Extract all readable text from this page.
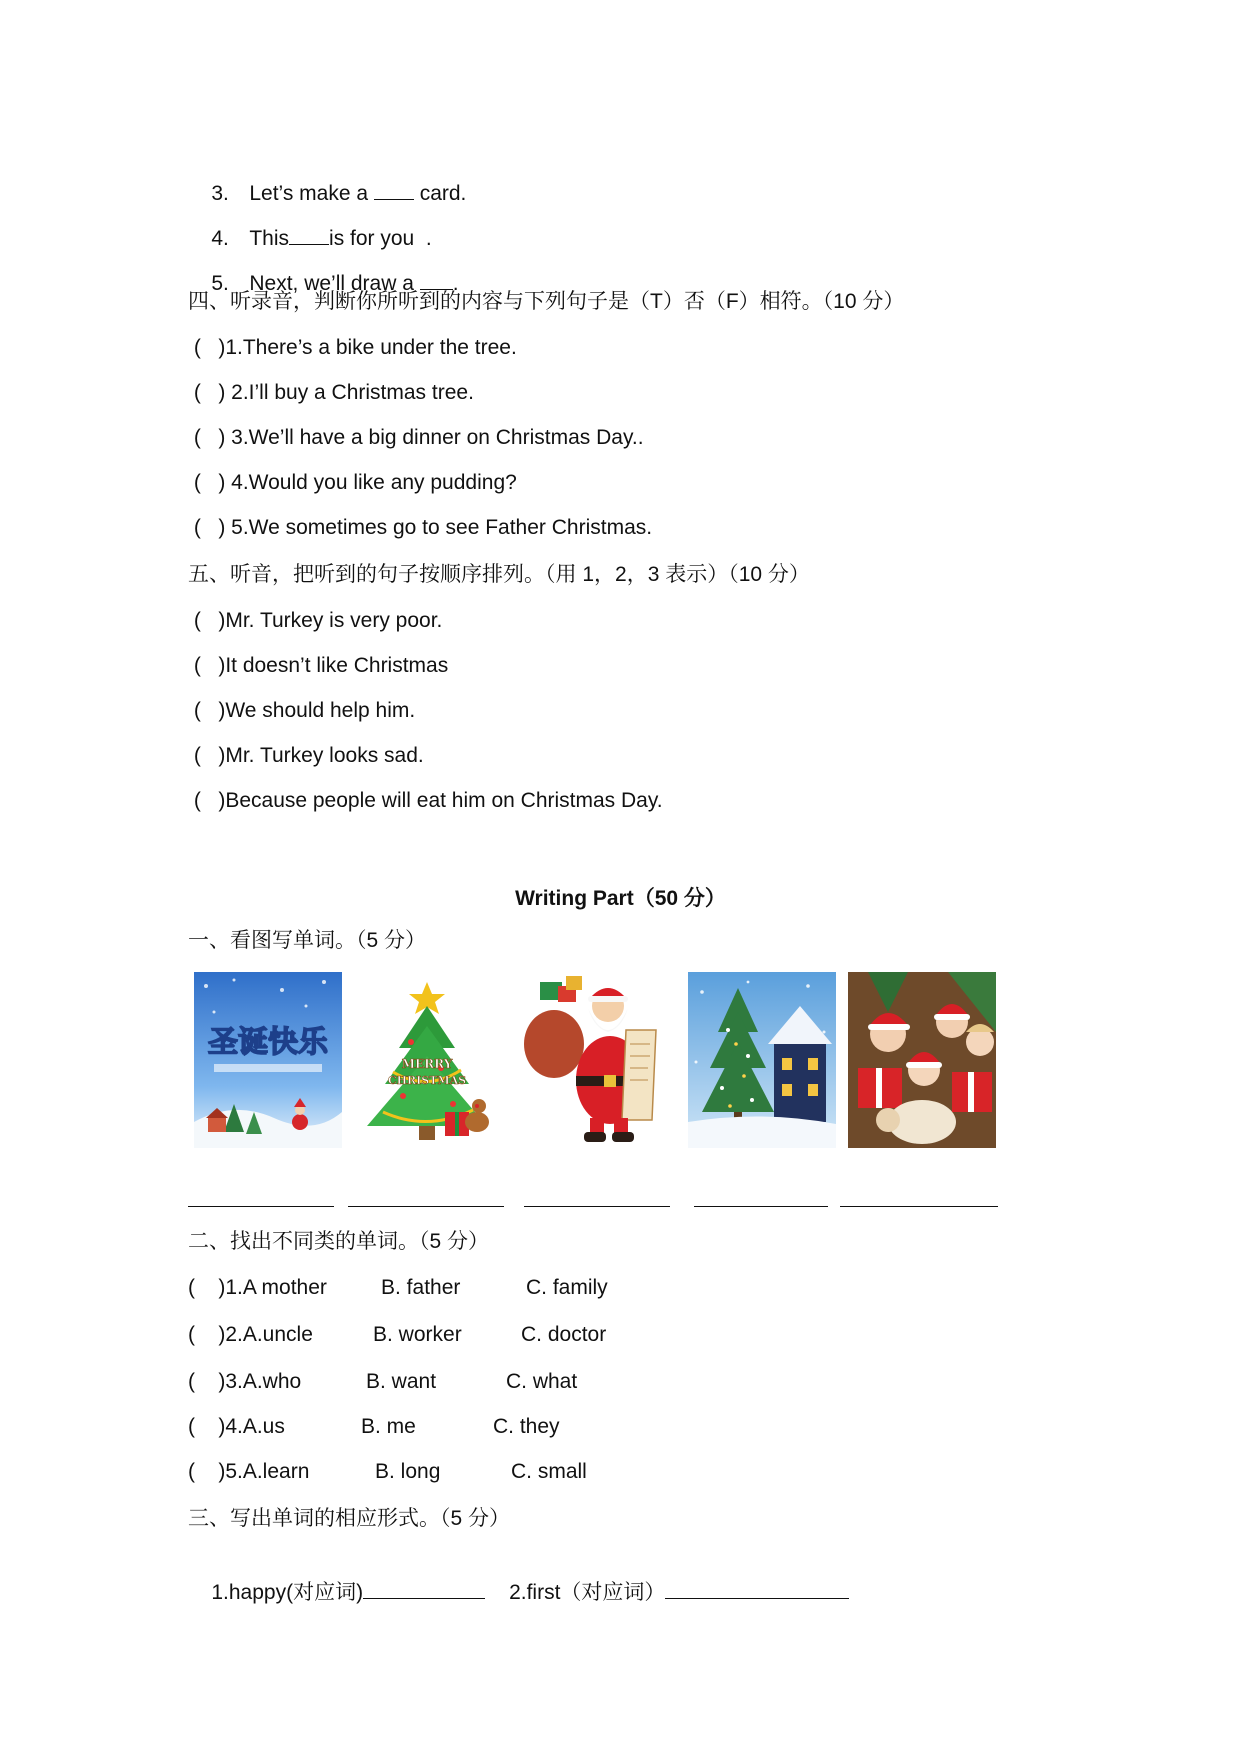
3. Let’s make a  card.

4. This is for you  .

5. Next, we’ll draw a .

四、听录音，判断你所听到的内容与下列句子是（T）否（F）相符。（10 分）
(   )1.There’s a bike under the tree.
(   ) 2.I’ll buy a Christmas tree.
(   ) 3.We’ll have a big dinner on Christmas Day..
(   ) 4.Would you like any pudding?
(   ) 5.We sometimes go to see Father Christmas.
五、听音，把听到的句子按顺序排列。（用 1，2，3 表示）（10 分）
(   )Mr. Turkey is very poor.
(   )It doesn’t like Christmas
(   )We should help him.
(   )Mr. Turkey looks sad.
(   )Because people will eat him on Christmas Day.
Writing Part（50 分）
一、看图写单词。（5 分）
圣诞快乐
MERRY
CHRISTMAS
二、找出不同类的单词。（5 分）
(    )1.A mother	B. father	C. family
(    )2.A.uncle	B. worker	C. doctor
(    )3.A.who	B. want	C. what
(    )4.A.us	B. me	C. they
(    )5.A.learn	B. long	C. small
三、写出单词的相应形式。（5 分）

1.happy(对应词)	2.first（对应词）
